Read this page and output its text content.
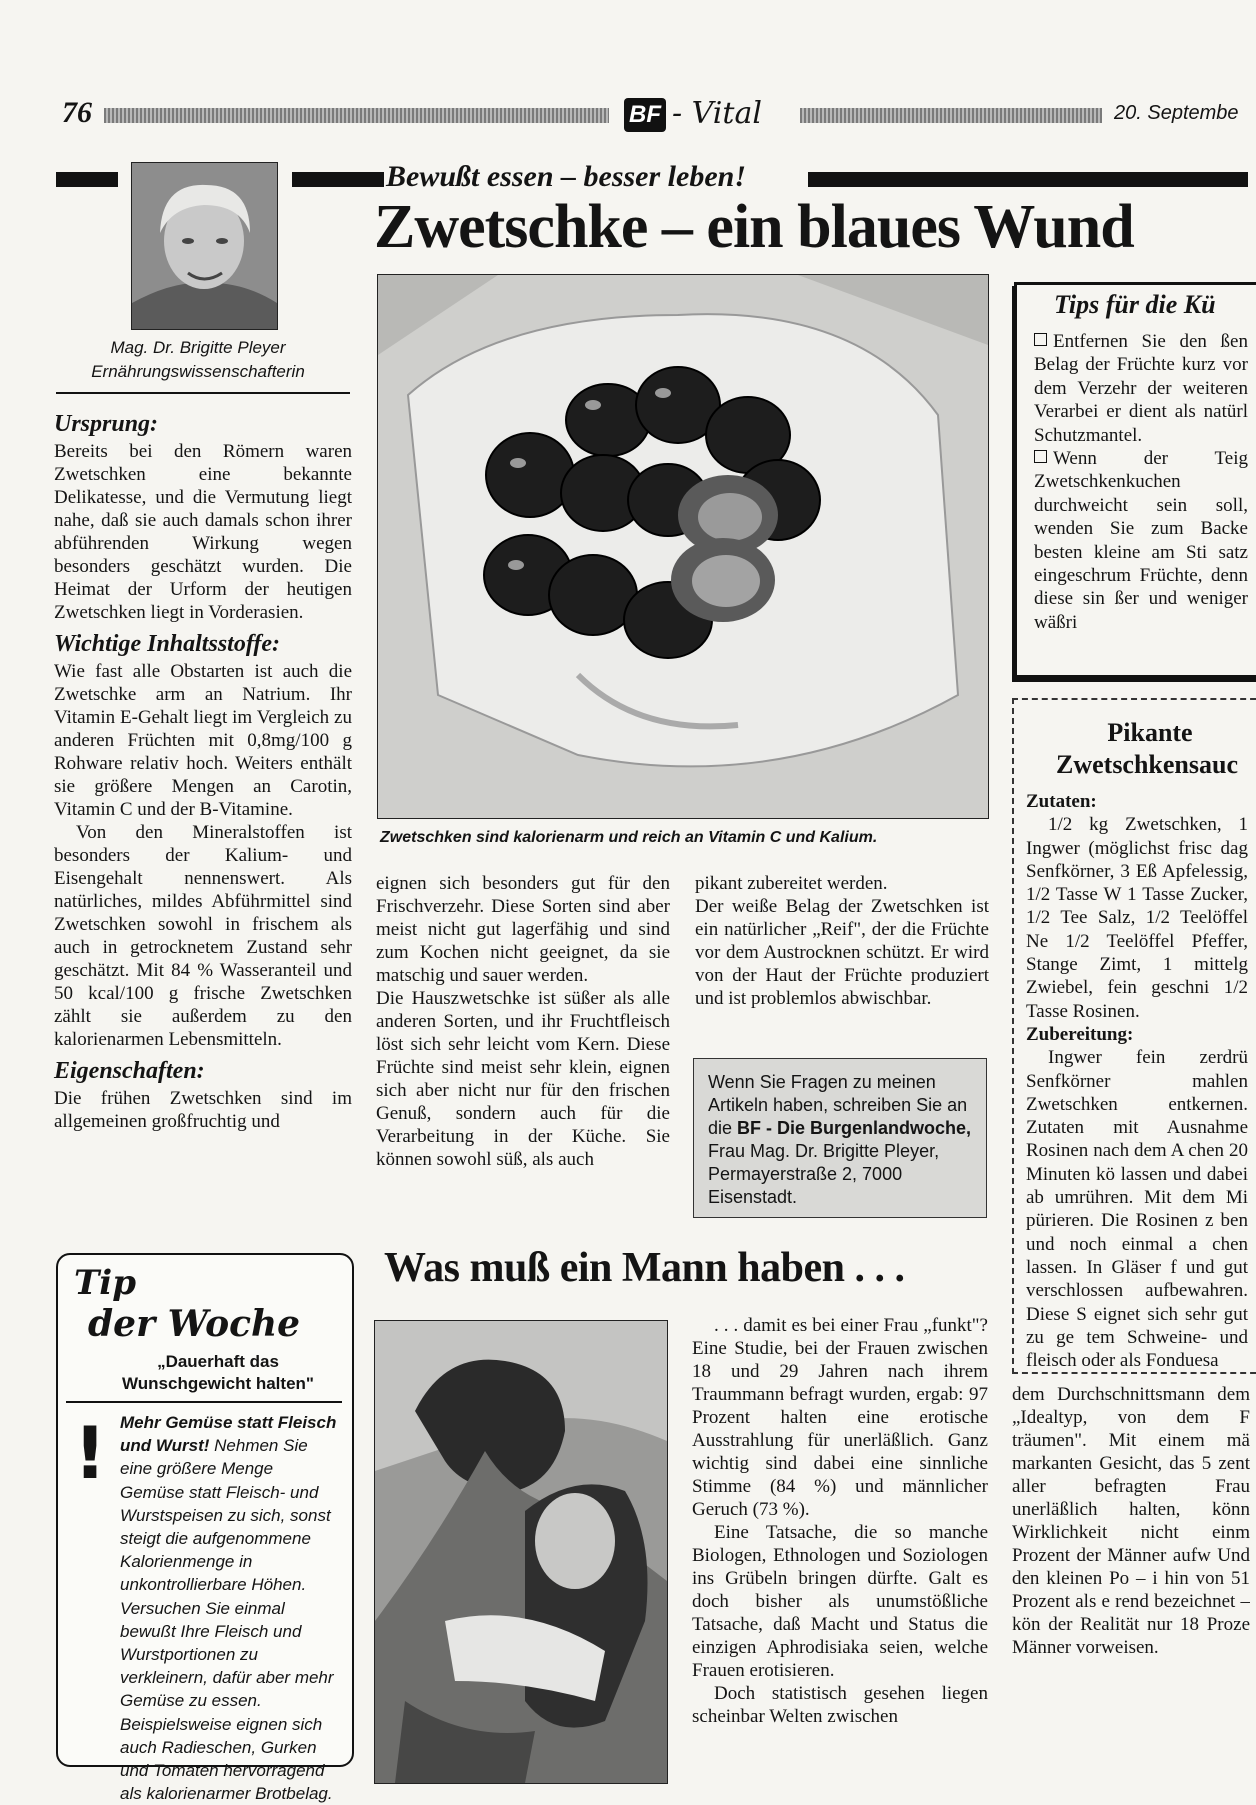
76	BF - Vital	20. Septembe
Mag. Dr. Brigitte Pleyer
Ernährungswissenschafterin
Bewußt essen – besser leben!
Zwetschke – ein blaues Wund
Ursprung:

Bereits bei den Römern waren Zwetschken eine bekannte Delikatesse, und die Vermutung liegt nahe, daß sie auch damals schon ihrer abführenden Wirkung wegen besonders geschätzt wurden. Die Heimat der Urform der heutigen Zwetschken liegt in Vorderasien.

Wichtige Inhaltsstoffe:

Wie fast alle Obstarten ist auch die Zwetschke arm an Natrium. Ihr Vitamin E-Gehalt liegt im Vergleich zu anderen Früchten mit 0,8mg/100 g Rohware relativ hoch. Weiters enthält sie größere Mengen an Carotin, Vitamin C und der B-Vitamine.

Von den Mineralstoffen ist besonders der Kalium- und Eisengehalt nennenswert. Als natürliches, mildes Abführmittel sind Zwetschken sowohl in frischem als auch in getrocknetem Zustand sehr geschätzt. Mit 84 % Wasseranteil und 50 kcal/100 g frische Zwetschken zählt sie außerdem zu den kalorienarmen Lebensmitteln.

Eigenschaften:

Die frühen Zwetschken sind im allgemeinen großfruchtig und

Zwetschken sind kalorienarm und reich an Vitamin C und Kalium.

eignen sich besonders gut für den Frischverzehr. Diese Sorten sind aber meist nicht gut lagerfähig und sind zum Kochen nicht geeignet, da sie matschig und sauer werden.

Die Hauszwetschke ist süßer als alle anderen Sorten, und ihr Fruchtfleisch löst sich sehr leicht vom Kern. Diese Früchte sind meist sehr klein, eignen sich aber nicht nur für den frischen Genuß, sondern auch für die Verarbeitung in der Küche. Sie können sowohl süß, als auch

pikant zubereitet werden.

Der weiße Belag der Zwetschken ist ein natürlicher „Reif", der die Früchte vor dem Austrocknen schützt. Er wird von der Haut der Früchte produziert und ist problemlos abwischbar.

Wenn Sie Fragen zu meinen Artikeln haben, schreiben Sie an die BF - Die Burgenlandwoche, Frau Mag. Dr. Brigitte Pleyer, Permayerstraße 2, 7000 Eisenstadt.
Tips für die Kü

Entfernen Sie den ßen Belag der Früchte kurz vor dem Verzehr der weiteren Verarbei er dient als natürl Schutzmantel.

Wenn der Teig Zwetschkenkuchen durchweicht sein soll, wenden Sie zum Backe besten kleine am Sti satz eingeschrum Früchte, denn diese sin ßer und weniger wäßri

Pikante
Zwetschkensauc

Zutaten:

1/2 kg Zwetschken, 1 Ingwer (möglichst frisc dag Senfkörner, 3 Eß Apfelessig, 1/2 Tasse W 1 Tasse Zucker, 1/2 Tee Salz, 1/2 Teelöffel Ne 1/2 Teelöffel Pfeffer, Stange Zimt, 1 mittelg Zwiebel, fein geschni 1/2 Tasse Rosinen.

Zubereitung:

Ingwer fein zerdrü Senfkörner mahlen Zwetschken entkernen. Zutaten mit Ausnahme Rosinen nach dem A chen 20 Minuten kö lassen und dabei ab umrühren. Mit dem Mi pürieren. Die Rosinen z ben und noch einmal a chen lassen. In Gläser f und gut verschlossen aufbewahren. Diese S eignet sich sehr gut zu ge tem Schweine- und fleisch oder als Fonduesa

Tip
der Woche
„Dauerhaft das Wunschgewicht halten"
! Mehr Gemüse statt Fleisch und Wurst! Nehmen Sie eine größere Menge Gemüse statt Fleisch- und Wurstspeisen zu sich, sonst steigt die aufgenommene Kalorienmenge in unkontrollierbare Höhen. Versuchen Sie einmal bewußt Ihre Fleisch und Wurstportionen zu verkleinern, dafür aber mehr Gemüse zu essen. Beispielsweise eignen sich auch Radieschen, Gurken und Tomaten hervorragend als kalorienarmer Brotbelag.
Was muß ein Mann haben . . .

. . . damit es bei einer Frau „funkt"? Eine Studie, bei der Frauen zwischen 18 und 29 Jahren nach ihrem Traummann befragt wurden, ergab: 97 Prozent halten eine erotische Ausstrahlung für unerläßlich. Ganz wichtig sind dabei eine sinnliche Stimme (84 %) und männlicher Geruch (73 %).

Eine Tatsache, die so manche Biologen, Ethnologen und Soziologen ins Grübeln bringen dürfte. Galt es doch bisher als unumstößliche Tatsache, daß Macht und Status die einzigen Aphrodisiaka seien, welche Frauen erotisieren.

Doch statistisch gesehen liegen scheinbar Welten zwischen

dem Durchschnittsmann dem „Idealtyp, von dem F träumen". Mit einem mä markanten Gesicht, das 5 zent aller befragten Frau unerläßlich halten, könn Wirklichkeit nicht einm Prozent der Männer aufw Und den kleinen Po – i hin von 51 Prozent als e rend bezeichnet – kön der Realität nur 18 Proze Männer vorweisen.
